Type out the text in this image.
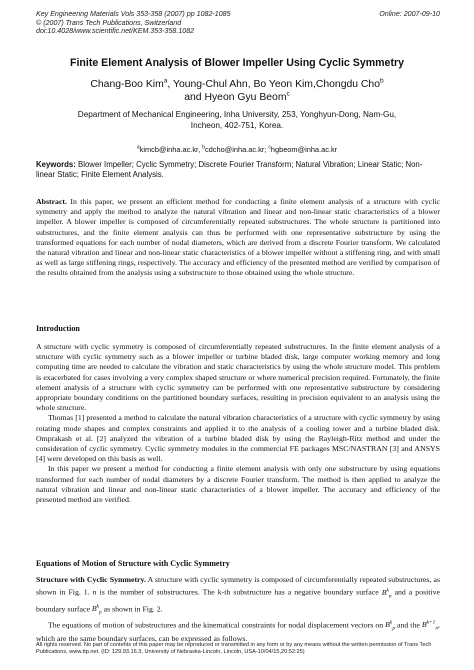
Key Engineering Materials Vols 353-358 (2007) pp 1082-1085
© (2007) Trans Tech Publications, Switzerland
doi:10.4028/www.scientific.net/KEM.353-358.1082
Online: 2007-09-10
Finite Element Analysis of Blower Impeller Using Cyclic Symmetry
Chang-Boo Kim$^a$, Young-Chul Ahn, Bo Yeon Kim,Chongdu Cho$^b$
and Hyeon Gyu Beom$^c$
Department of Mechanical Engineering, Inha University, 253, Yonghyun-Dong, Nam-Gu,
Incheon, 402-751, Korea.
$^a$kimcb@inha.ac.kr, $^b$cdcho@inha.ac.kr; $^c$hgbeom@inha.ac.kr
Keywords: Blower Impeller; Cyclic Symmetry; Discrete Fourier Transform; Natural Vibration; Linear Static; Non-linear Static; Finite Element Analysis.
Abstract. In this paper, we present an efficient method for conducting a finite element analysis of a structure with cyclic symmetry and apply the method to analyze the natural vibration and linear and non-linear static characteristics of a blower impeller. A blower impeller is composed of circumferentially repeated substructures. The whole structure is partitioned into substructures, and the finite element analysis can thus be performed with one representative substructure by using the transformed equations for each number of nodal diameters, which are derived from a discrete Fourier transform. We calculated the natural vibration and linear and non-linear static characteristics of a blower impeller without a stiffening ring, and with small as well as large stiffening rings, respectively. The accuracy and efficiency of the presented method are verified by comparison of the results obtained from the analysis using a substructure to those obtained using the whole structure.
Introduction

A structure with cyclic symmetry is composed of circumferentially repeated substructures. In the finite element analysis of a structure with cyclic symmetry such as a blower impeller or turbine bladed disk, large computer working memory and long computing time are needed to calculate the vibration and static characteristics by using the whole structure model. This problem is exacerbated for cases involving a very complex shaped structure or where numerical precision required. Fortunately, the finite element analysis of a structure with cyclic symmetry can be performed with one representative substructure by considering appropriate boundary conditions on the partitioned boundary surfaces, resulting in precision equivalent to an analysis using the whole structure.

Thomas [1] presented a method to calculate the natural vibration characteristics of a structure with cyclic symmetry by using rotating mode shapes and complex constraints and applied it to the analysis of a cooling tower and a turbine bladed disk. Omprakash et al. [2] analyzed the vibration of a turbine bladed disk by using the Rayleigh-Ritz method and under the consideration of cyclic symmetry. Cyclic symmetry modules in the commercial FE packages MSC/NASTRAN [3] and ANSYS [4] were developed on this basis as well.

In this paper we present a method for conducting a finite element analysis with only one substructure by using equations transformed for each number of nodal diameters by a discrete Fourier transform. The method is then applied to analyze the natural vibration and linear and non-linear static characteristics of a blower impeller. The accuracy and efficiency of the presented method are verified.

Equations of Motion of Structure with Cyclic Symmetry

Structure with Cyclic Symmetry. A structure with cyclic symmetry is composed of circumferentially repeated substructures, as shown in Fig. 1. n is the number of substructures. The k-th substructure has a negative boundary surface $B^k_n$ and a positive boundary surface $B^k_p$ as shown in Fig. 2.

The equations of motion of substructures and the kinematical constraints for nodal displacement vectors on $B^k_p$ and the $B^{k+1}_n$, which are the same boundary surfaces, can be expressed as follows.

All rights reserved. No part of contents of this paper may be reproduced or transmitted in any form or by any means without the written permission of Trans Tech Publications, www.ttp.net. (ID: 129.93.16.3, University of Nebraska-Lincoln, Lincoln, USA-10/04/15,20:52:25)
